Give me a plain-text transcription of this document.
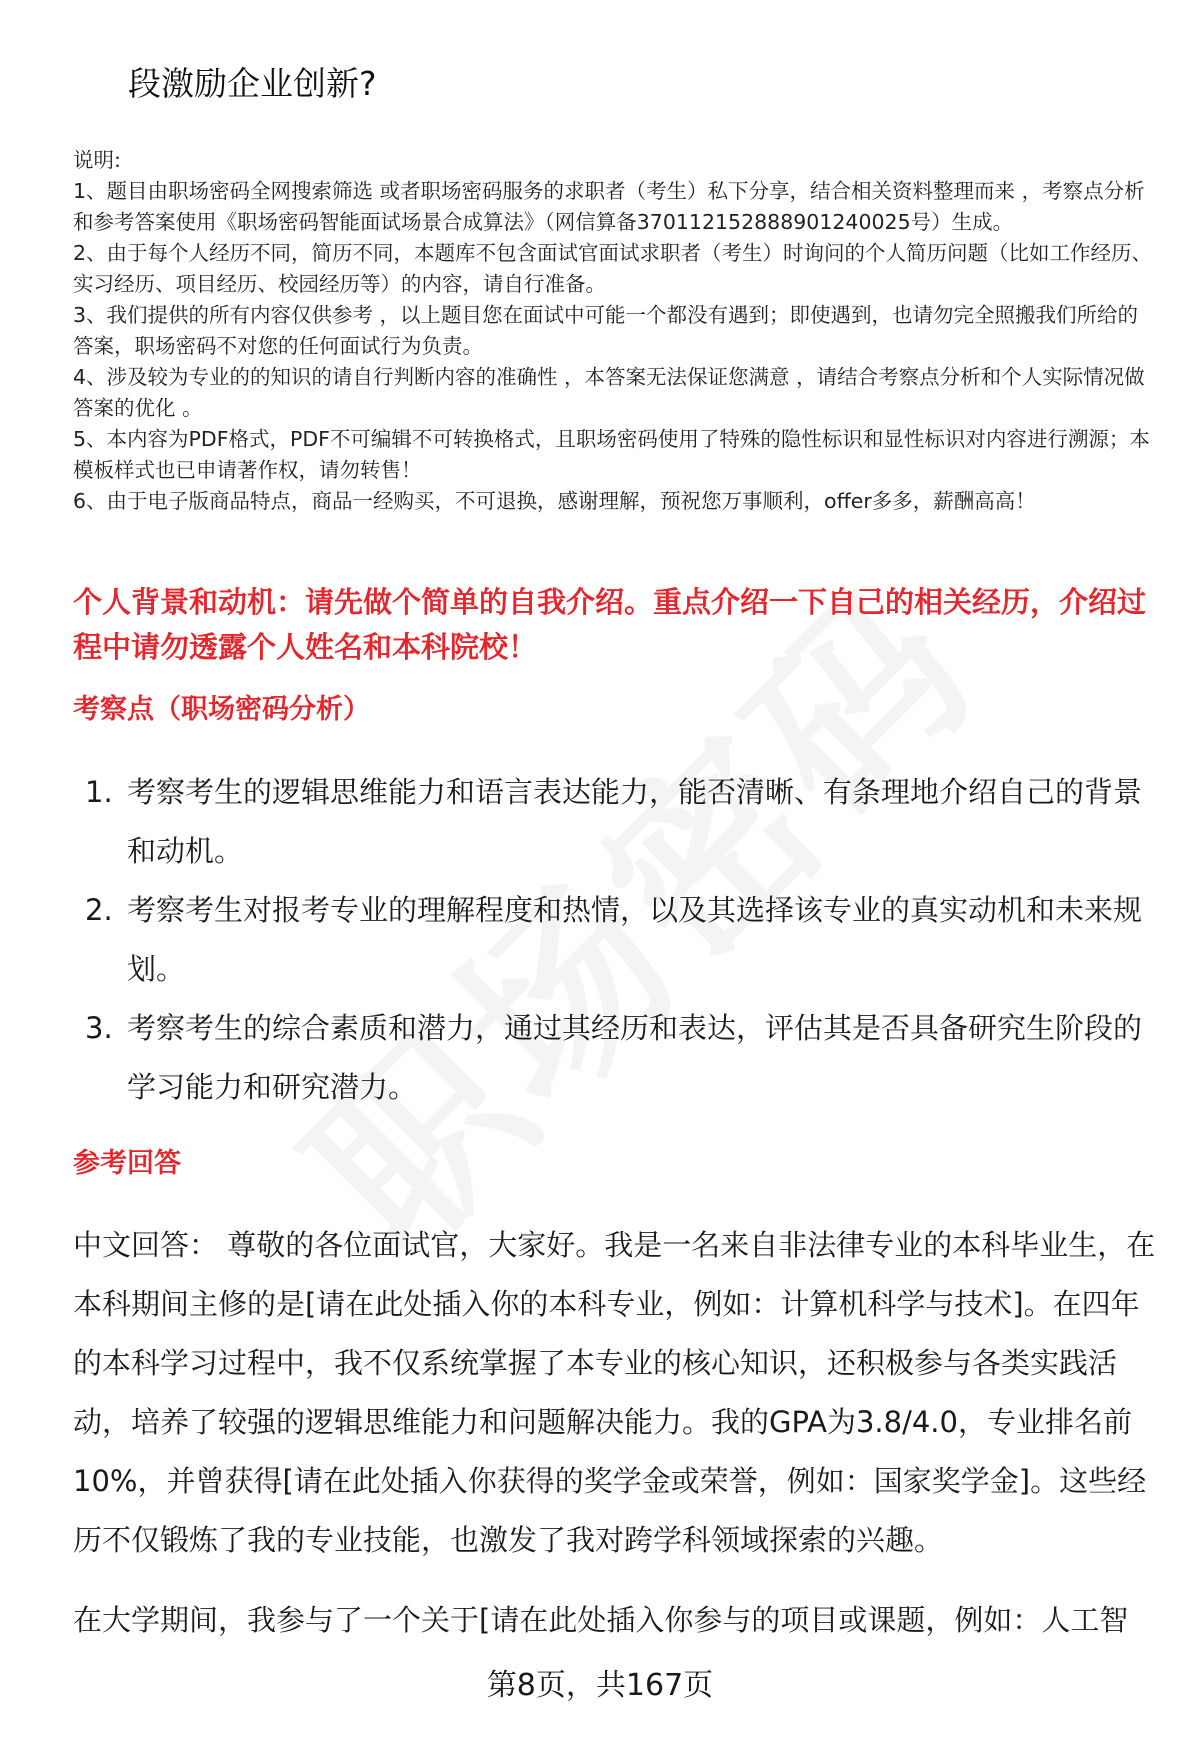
段激励企业创新?

说明:

1、题目由职场密码全网搜索筛选 或者职场密码服务的求职者（考生）私下分享，结合相关资料整理而来 ，考察点分析和参考答案使用《职场密码智能面试场景合成算法》（网信算备370112152888901240025号）生成。

2、由于每个人经历不同，简历不同，本题库不包含面试官面试求职者（考生）时询问的个人简历问题（比如工作经历、实习经历、项目经历、校园经历等）的内容，请自行准备。

3、我们提供的所有内容仅供参考 ，以上题目您在面试中可能一个都没有遇到；即使遇到，也请勿完全照搬我们所给的答案，职场密码不对您的任何面试行为负责。

4、涉及较为专业的的知识的请自行判断内容的准确性 ，本答案无法保证您满意 ，请结合考察点分析和个人实际情况做答案的优化 。

5、本内容为PDF格式，PDF不可编辑不可转换格式，且职场密码使用了特殊的隐性标识和显性标识对内容进行溯源；本模板样式也已申请著作权，请勿转售！

6、由于电子版商品特点，商品一经购买，不可退换，感谢理解，预祝您万事顺利，offer多多，薪酬高高！

个人背景和动机：请先做个简单的自我介绍。重点介绍一下自己的相关经历，介绍过程中请勿透露个人姓名和本科院校！
考察点（职场密码分析）
1. 考察考生的逻辑思维能力和语言表达能力，能否清晰、有条理地介绍自己的背景和动机。
2. 考察考生对报考专业的理解程度和热情，以及其选择该专业的真实动机和未来规划。
3. 考察考生的综合素质和潜力，通过其经历和表达，评估其是否具备研究生阶段的学习能力和研究潜力。
参考回答

中文回答： 尊敬的各位面试官，大家好。我是一名来自非法律专业的本科毕业生，在本科期间主修的是[请在此处插入你的本科专业，例如：计算机科学与技术]。在四年的本科学习过程中，我不仅系统掌握了本专业的核心知识，还积极参与各类实践活动，培养了较强的逻辑思维能力和问题解决能力。我的GPA为3.8/4.0，专业排名前10%，并曾获得[请在此处插入你获得的奖学金或荣誉，例如：国家奖学金]。这些经历不仅锻炼了我的专业技能，也激发了我对跨学科领域探索的兴趣。

在大学期间，我参与了一个关于[请在此处插入你参与的项目或课题，例如：人工智

第8页，共167页
